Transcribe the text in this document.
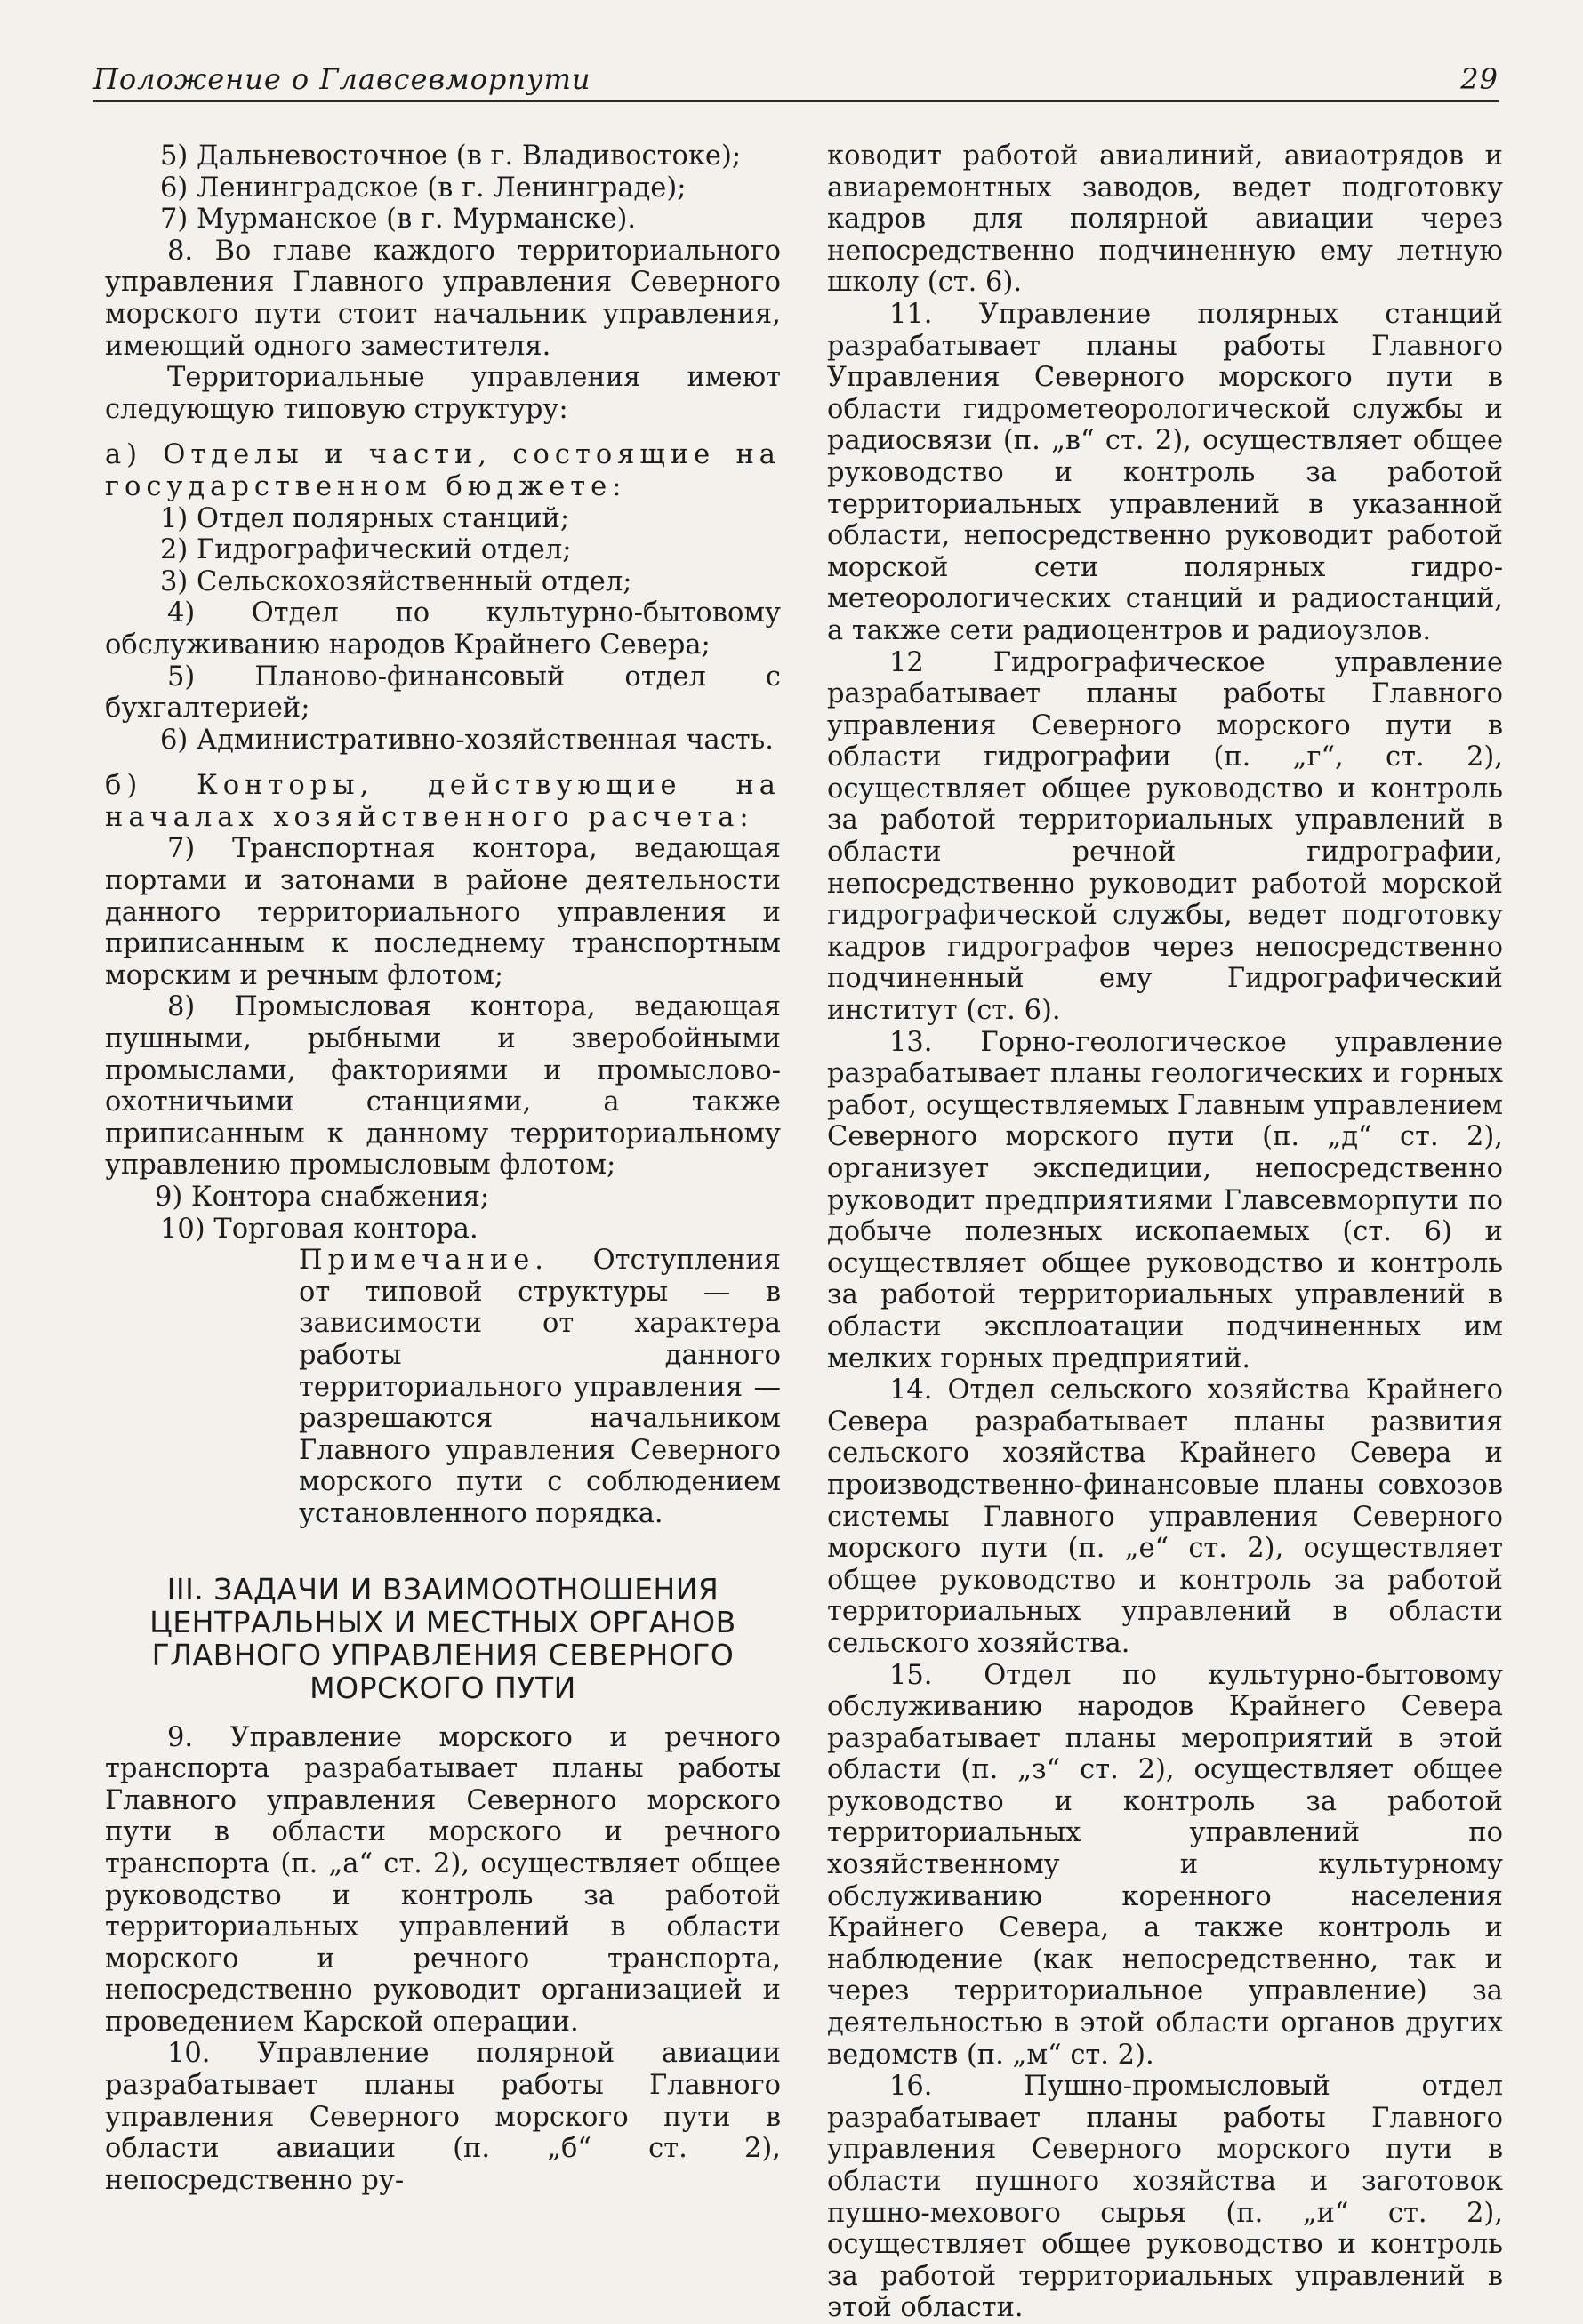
Положение о Главсевморпути	29

5) Дальневосточное (в г. Владивостоке);

6) Ленинградское (в г. Ленинграде);

7) Мурманское (в г. Мурманске).

8. Во главе каждого территориального управления Главного управления Северного морского пути стоит начальник управления, имеющий одного заместителя.

Территориальные управления имеют следующую типовую структуру:

а) Отделы и части, состоящие на государственном бюджете:

1) Отдел полярных станций;

2) Гидрографический отдел;

3) Сельскохозяйственный отдел;

4) Отдел по культурно-бытовому обслуживанию народов Крайнего Севера;

5) Планово-финансовый отдел с бухгалтерией;

6) Административно-хозяйственная часть.

б) Конторы, действующие на началах хозяйственного расчета:

7) Транспортная контора, ведающая портами и затонами в районе деятельности данного территориального управления и приписанным к последнему транспортным морским и речным флотом;

8) Промысловая контора, ведающая пушными, рыбными и зверобойными промыслами, факториями и промыслово-охотничьими станциями, а также приписанным к данному территориальному управлению промысловым флотом;

9) Контора снабжения;

10) Торговая контора.

Примечание. Отступления от типовой структуры — в зависимости от характера работы данного территориального управления — разрешаются начальником Главного управления Северного морского пути с соблюдением установленного порядка.

III. ЗАДАЧИ И ВЗАИМООТНОШЕНИЯ ЦЕНТРАЛЬНЫХ И МЕСТНЫХ ОРГАНОВ ГЛАВНОГО УПРАВЛЕНИЯ СЕВЕРНОГО МОРСКОГО ПУТИ

9. Управление морского и речного транспорта разрабатывает планы работы Главного управления Северного морского пути в области морского и речного транспорта (п. „а“ ст. 2), осуществляет общее руководство и контроль за работой территориальных управлений в области морского и речного транспорта, непосредственно руководит организацией и проведением Карской операции.

10. Управление полярной авиации разрабатывает планы работы Главного управления Северного морского пути в области авиации (п. „б“ ст. 2), непосредственно ру-

ководит работой авиалиний, авиаотрядов и авиаремонтных заводов, ведет подготовку кадров для полярной авиации через непосредственно подчиненную ему летную школу (ст. 6).

11. Управление полярных станций разрабатывает планы работы Главного Управления Северного морского пути в области гидрометеорологической службы и радиосвязи (п. „в“ ст. 2), осуществляет общее руководство и контроль за работой территориальных управлений в указанной области, непосредственно руководит работой морской сети полярных гидро-метеорологических станций и радиостанций, а также сети радиоцентров и радиоузлов.

12 Гидрографическое управление разрабатывает планы работы Главного управления Северного морского пути в области гидрографии (п. „г“, ст. 2), осуществляет общее руководство и контроль за работой территориальных управлений в области речной гидрографии, непосредственно руководит работой морской гидрографической службы, ведет подготовку кадров гидрографов через непосредственно подчиненный ему Гидрографический институт (ст. 6).

13. Горно-геологическое управление разрабатывает планы геологических и горных работ, осуществляемых Главным управлением Северного морского пути (п. „д“ ст. 2), организует экспедиции, непосредственно руководит предприятиями Главсевморпути по добыче полезных ископаемых (ст. 6) и осуществляет общее руководство и контроль за работой территориальных управлений в области эксплоатации подчиненных им мелких горных предприятий.

14. Отдел сельского хозяйства Крайнего Севера разрабатывает планы развития сельского хозяйства Крайнего Севера и производственно-финансовые планы совхозов системы Главного управления Северного морского пути (п. „е“ ст. 2), осуществляет общее руководство и контроль за работой территориальных управлений в области сельского хозяйства.

15. Отдел по культурно-бытовому обслуживанию народов Крайнего Севера разрабатывает планы мероприятий в этой области (п. „з“ ст. 2), осуществляет общее руководство и контроль за работой территориальных управлений по хозяйственному и культурному обслуживанию коренного населения Крайнего Севера, а также контроль и наблюдение (как непосредственно, так и через территориальное управление) за деятельностью в этой области органов других ведомств (п. „м“ ст. 2).

16. Пушно-промысловый отдел разрабатывает планы работы Главного управления Северного морского пути в области пушного хозяйства и заготовок пушно-мехового сырья (п. „и“ ст. 2), осуществляет общее руководство и контроль за работой территориальных управлений в этой области.
